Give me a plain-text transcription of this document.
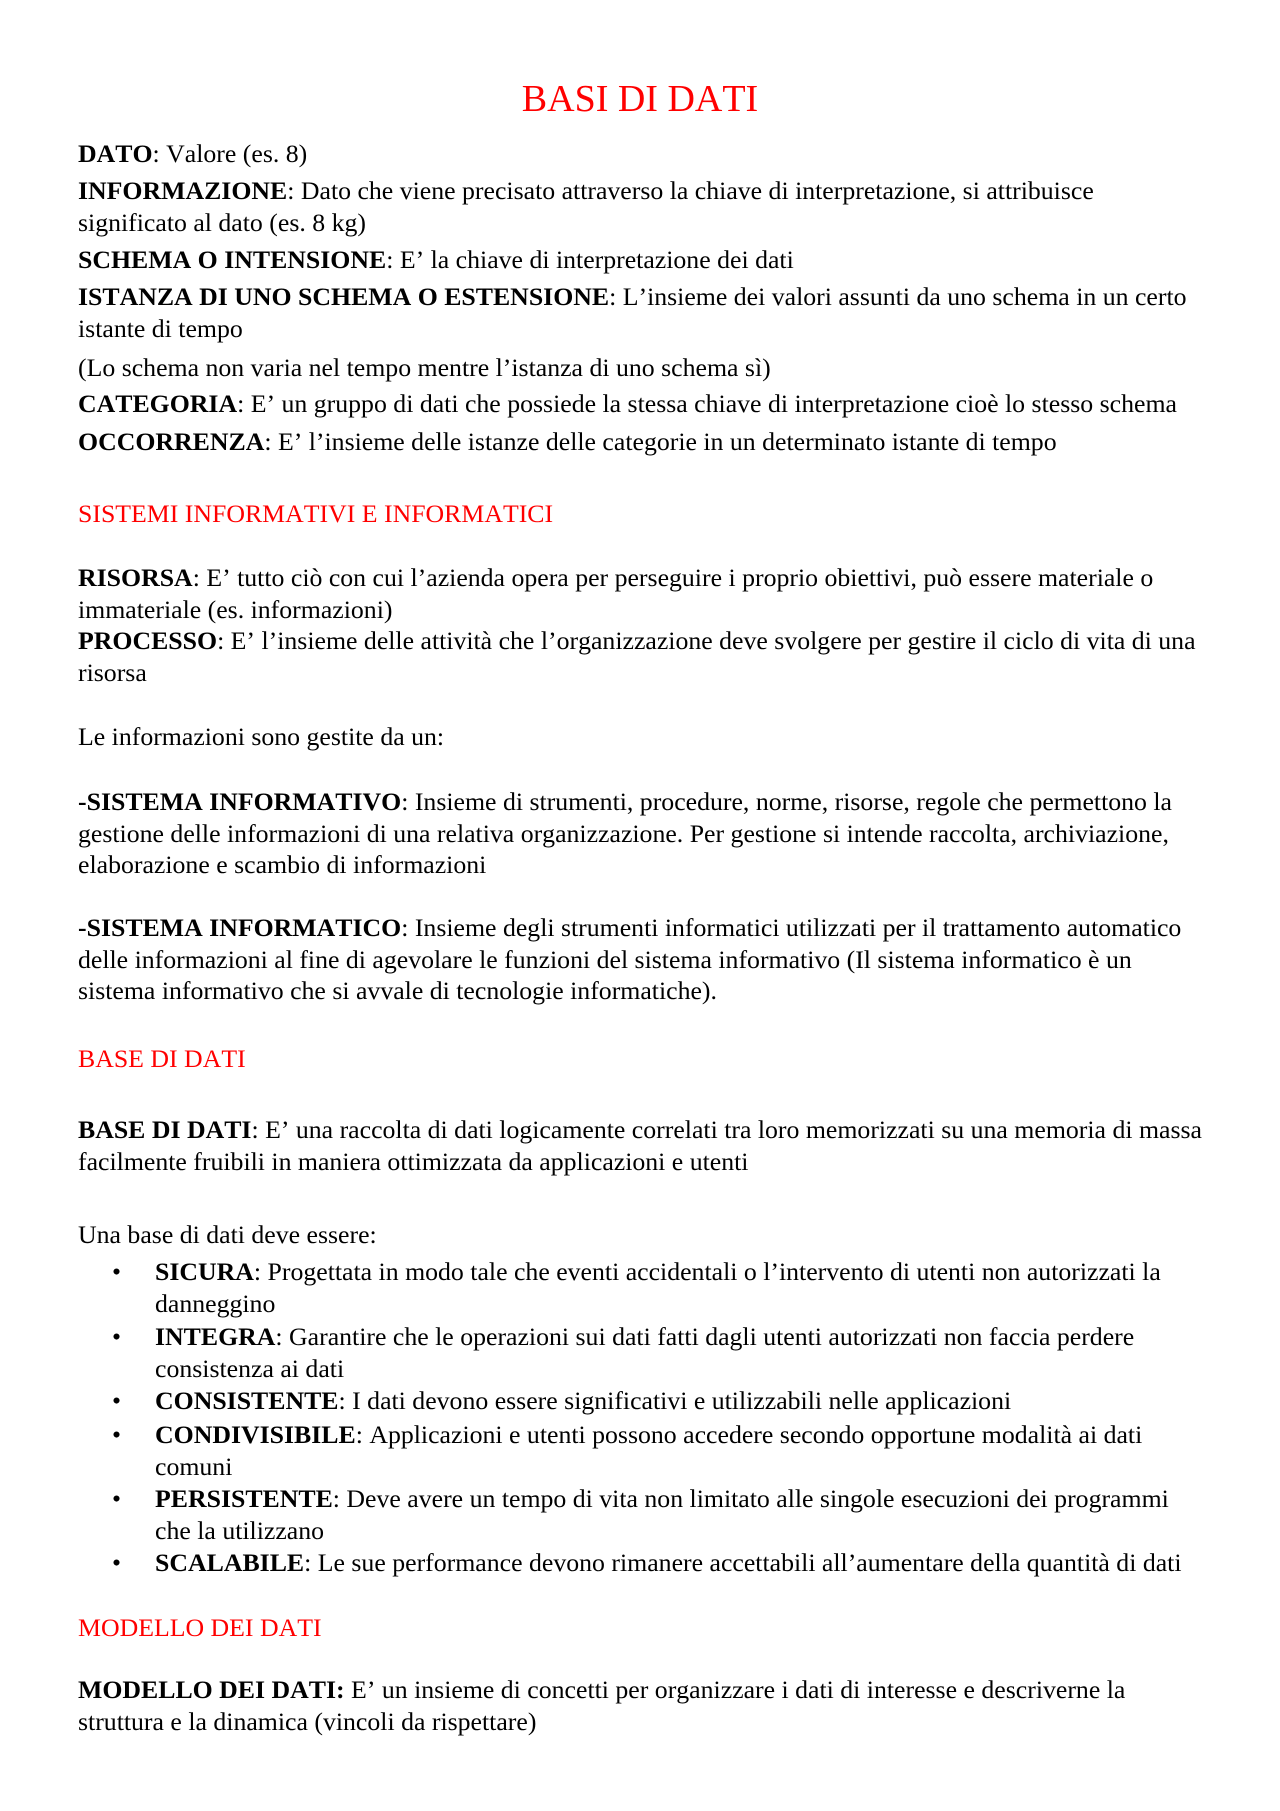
BASI DI DATI

DATO: Valore (es. 8)

INFORMAZIONE: Dato che viene precisato attraverso la chiave di interpretazione, si attribuisce
significato al dato (es. 8 kg)

SCHEMA O INTENSIONE: E’ la chiave di interpretazione dei dati

ISTANZA DI UNO SCHEMA O ESTENSIONE: L’insieme dei valori assunti da uno schema in un certo
istante di tempo

(Lo schema non varia nel tempo mentre l’istanza di uno schema sì)

CATEGORIA: E’ un gruppo di dati che possiede la stessa chiave di interpretazione cioè lo stesso schema

OCCORRENZA: E’ l’insieme delle istanze delle categorie in un determinato istante di tempo

SISTEMI INFORMATIVI E INFORMATICI

RISORSA: E’ tutto ciò con cui l’azienda opera per perseguire i proprio obiettivi, può essere materiale o
immateriale (es. informazioni)

PROCESSO: E’ l’insieme delle attività che l’organizzazione deve svolgere per gestire il ciclo di vita di una
risorsa

Le informazioni sono gestite da un:

-SISTEMA INFORMATIVO: Insieme di strumenti, procedure, norme, risorse, regole che permettono la
gestione delle informazioni di una relativa organizzazione. Per gestione si intende raccolta, archiviazione,
elaborazione e scambio di informazioni

-SISTEMA INFORMATICO: Insieme degli strumenti informatici utilizzati per il trattamento automatico
delle informazioni al fine di agevolare le funzioni del sistema informativo (Il sistema informatico è un
sistema informativo che si avvale di tecnologie informatiche).

BASE DI DATI

BASE DI DATI: E’ una raccolta di dati logicamente correlati tra loro memorizzati su una memoria di massa
facilmente fruibili in maniera ottimizzata da applicazioni e utenti

Una base di dati deve essere:

•
SICURA: Progettata in modo tale che eventi accidentali o l’intervento di utenti non autorizzati la
danneggino
•
INTEGRA: Garantire che le operazioni sui dati fatti dagli utenti autorizzati non faccia perdere
consistenza ai dati
•
CONSISTENTE: I dati devono essere significativi e utilizzabili nelle applicazioni
•
CONDIVISIBILE: Applicazioni e utenti possono accedere secondo opportune modalità ai dati
comuni
•
PERSISTENTE: Deve avere un tempo di vita non limitato alle singole esecuzioni dei programmi
che la utilizzano
•
SCALABILE: Le sue performance devono rimanere accettabili all’aumentare della quantità di dati
MODELLO DEI DATI

MODELLO DEI DATI: E’ un insieme di concetti per organizzare i dati di interesse e descriverne la
struttura e la dinamica (vincoli da rispettare)
